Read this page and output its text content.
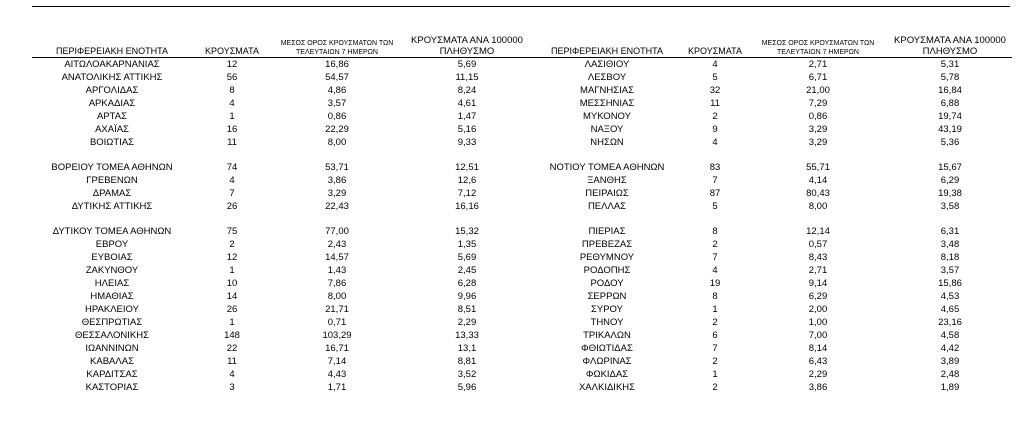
ΠΕΡΙΦΕΡΕΙΑΚΗ ΕΝΟΤΗΤΑ	ΚΡΟΥΣΜΑΤΑ	ΜΕΣΟΣ ΟΡΟΣ ΚΡΟΥΣΜΑΤΩΝ ΤΩΝ ΤΕΛΕΥΤΑΙΩΝ 7 ΗΜΕΡΩΝ	ΚΡΟΥΣΜΑΤΑ ΑΝΑ 100000 ΠΛΗΘΥΣΜΟ
ΑΙΤΩΛΟΑΚΑΡΝΑΝΙΑΣ	12	16,86	5,69
ΑΝΑΤΟΛΙΚΗΣ ΑΤΤΙΚΗΣ	56	54,57	11,15
ΑΡΓΟΛΙΔΑΣ	8	4,86	8,24
ΑΡΚΑΔΙΑΣ	4	3,57	4,61
ΑΡΤΑΣ	1	0,86	1,47
ΑΧΑΪΑΣ	16	22,29	5,16
ΒΟΙΩΤΙΑΣ	11	8,00	9,33

ΒΟΡΕΙΟΥ ΤΟΜΕΑ ΑΘΗΝΩΝ	74	53,71	12,51
ΓΡΕΒΕΝΩΝ	4	3,86	12,6
ΔΡΑΜΑΣ	7	3,29	7,12
ΔΥΤΙΚΗΣ ΑΤΤΙΚΗΣ	26	22,43	16,16

ΔΥΤΙΚΟΥ ΤΟΜΕΑ ΑΘΗΝΩΝ	75	77,00	15,32
ΕΒΡΟΥ	2	2,43	1,35
ΕΥΒΟΙΑΣ	12	14,57	5,69
ΖΑΚΥΝΘΟΥ	1	1,43	2,45
ΗΛΕΙΑΣ	10	7,86	6,28
ΗΜΑΘΙΑΣ	14	8,00	9,96
ΗΡΑΚΛΕΙΟΥ	26	21,71	8,51
ΘΕΣΠΡΩΤΙΑΣ	1	0,71	2,29
ΘΕΣΣΑΛΟΝΙΚΗΣ	148	103,29	13,33
ΙΩΑΝΝΙΝΩΝ	22	16,71	13,1
ΚΑΒΑΛΑΣ	11	7,14	8,81
ΚΑΡΔΙΤΣΑΣ	4	4,43	3,52
ΚΑΣΤΟΡΙΑΣ	3	1,71	5,96
ΠΕΡΙΦΕΡΕΙΑΚΗ ΕΝΟΤΗΤΑ	ΚΡΟΥΣΜΑΤΑ	ΜΕΣΟΣ ΟΡΟΣ ΚΡΟΥΣΜΑΤΩΝ ΤΩΝ ΤΕΛΕΥΤΑΙΩΝ 7 ΗΜΕΡΩΝ	ΚΡΟΥΣΜΑΤΑ ΑΝΑ 100000 ΠΛΗΘΥΣΜΟ
ΛΑΣΙΘΙΟΥ	4	2,71	5,31
ΛΕΣΒΟΥ	5	6,71	5,78
ΜΑΓΝΗΣΙΑΣ	32	21,00	16,84
ΜΕΣΣΗΝΙΑΣ	11	7,29	6,88
ΜΥΚΟΝΟΥ	2	0,86	19,74
ΝΑΞΟΥ	9	3,29	43,19
ΝΗΣΩΝ	4	3,29	5,36

ΝΟΤΙΟΥ ΤΟΜΕΑ ΑΘΗΝΩΝ	83	55,71	15,67
ΞΑΝΘΗΣ	7	4,14	6,29
ΠΕΙΡΑΙΩΣ	87	80,43	19,38
ΠΕΛΛΑΣ	5	8,00	3,58

ΠΙΕΡΙΑΣ	8	12,14	6,31
ΠΡΕΒΕΖΑΣ	2	0,57	3,48
ΡΕΘΥΜΝΟΥ	7	8,43	8,18
ΡΟΔΟΠΗΣ	4	2,71	3,57
ΡΟΔΟΥ	19	9,14	15,86
ΣΕΡΡΩΝ	8	6,29	4,53
ΣΥΡΟΥ	1	2,00	4,65
ΤΗΝΟΥ	2	1,00	23,16
ΤΡΙΚΑΛΩΝ	6	7,00	4,58
ΦΘΙΩΤΙΔΑΣ	7	8,14	4,42
ΦΛΩΡΙΝΑΣ	2	6,43	3,89
ΦΩΚΙΔΑΣ	1	2,29	2,48
ΧΑΛΚΙΔΙΚΗΣ	2	3,86	1,89
